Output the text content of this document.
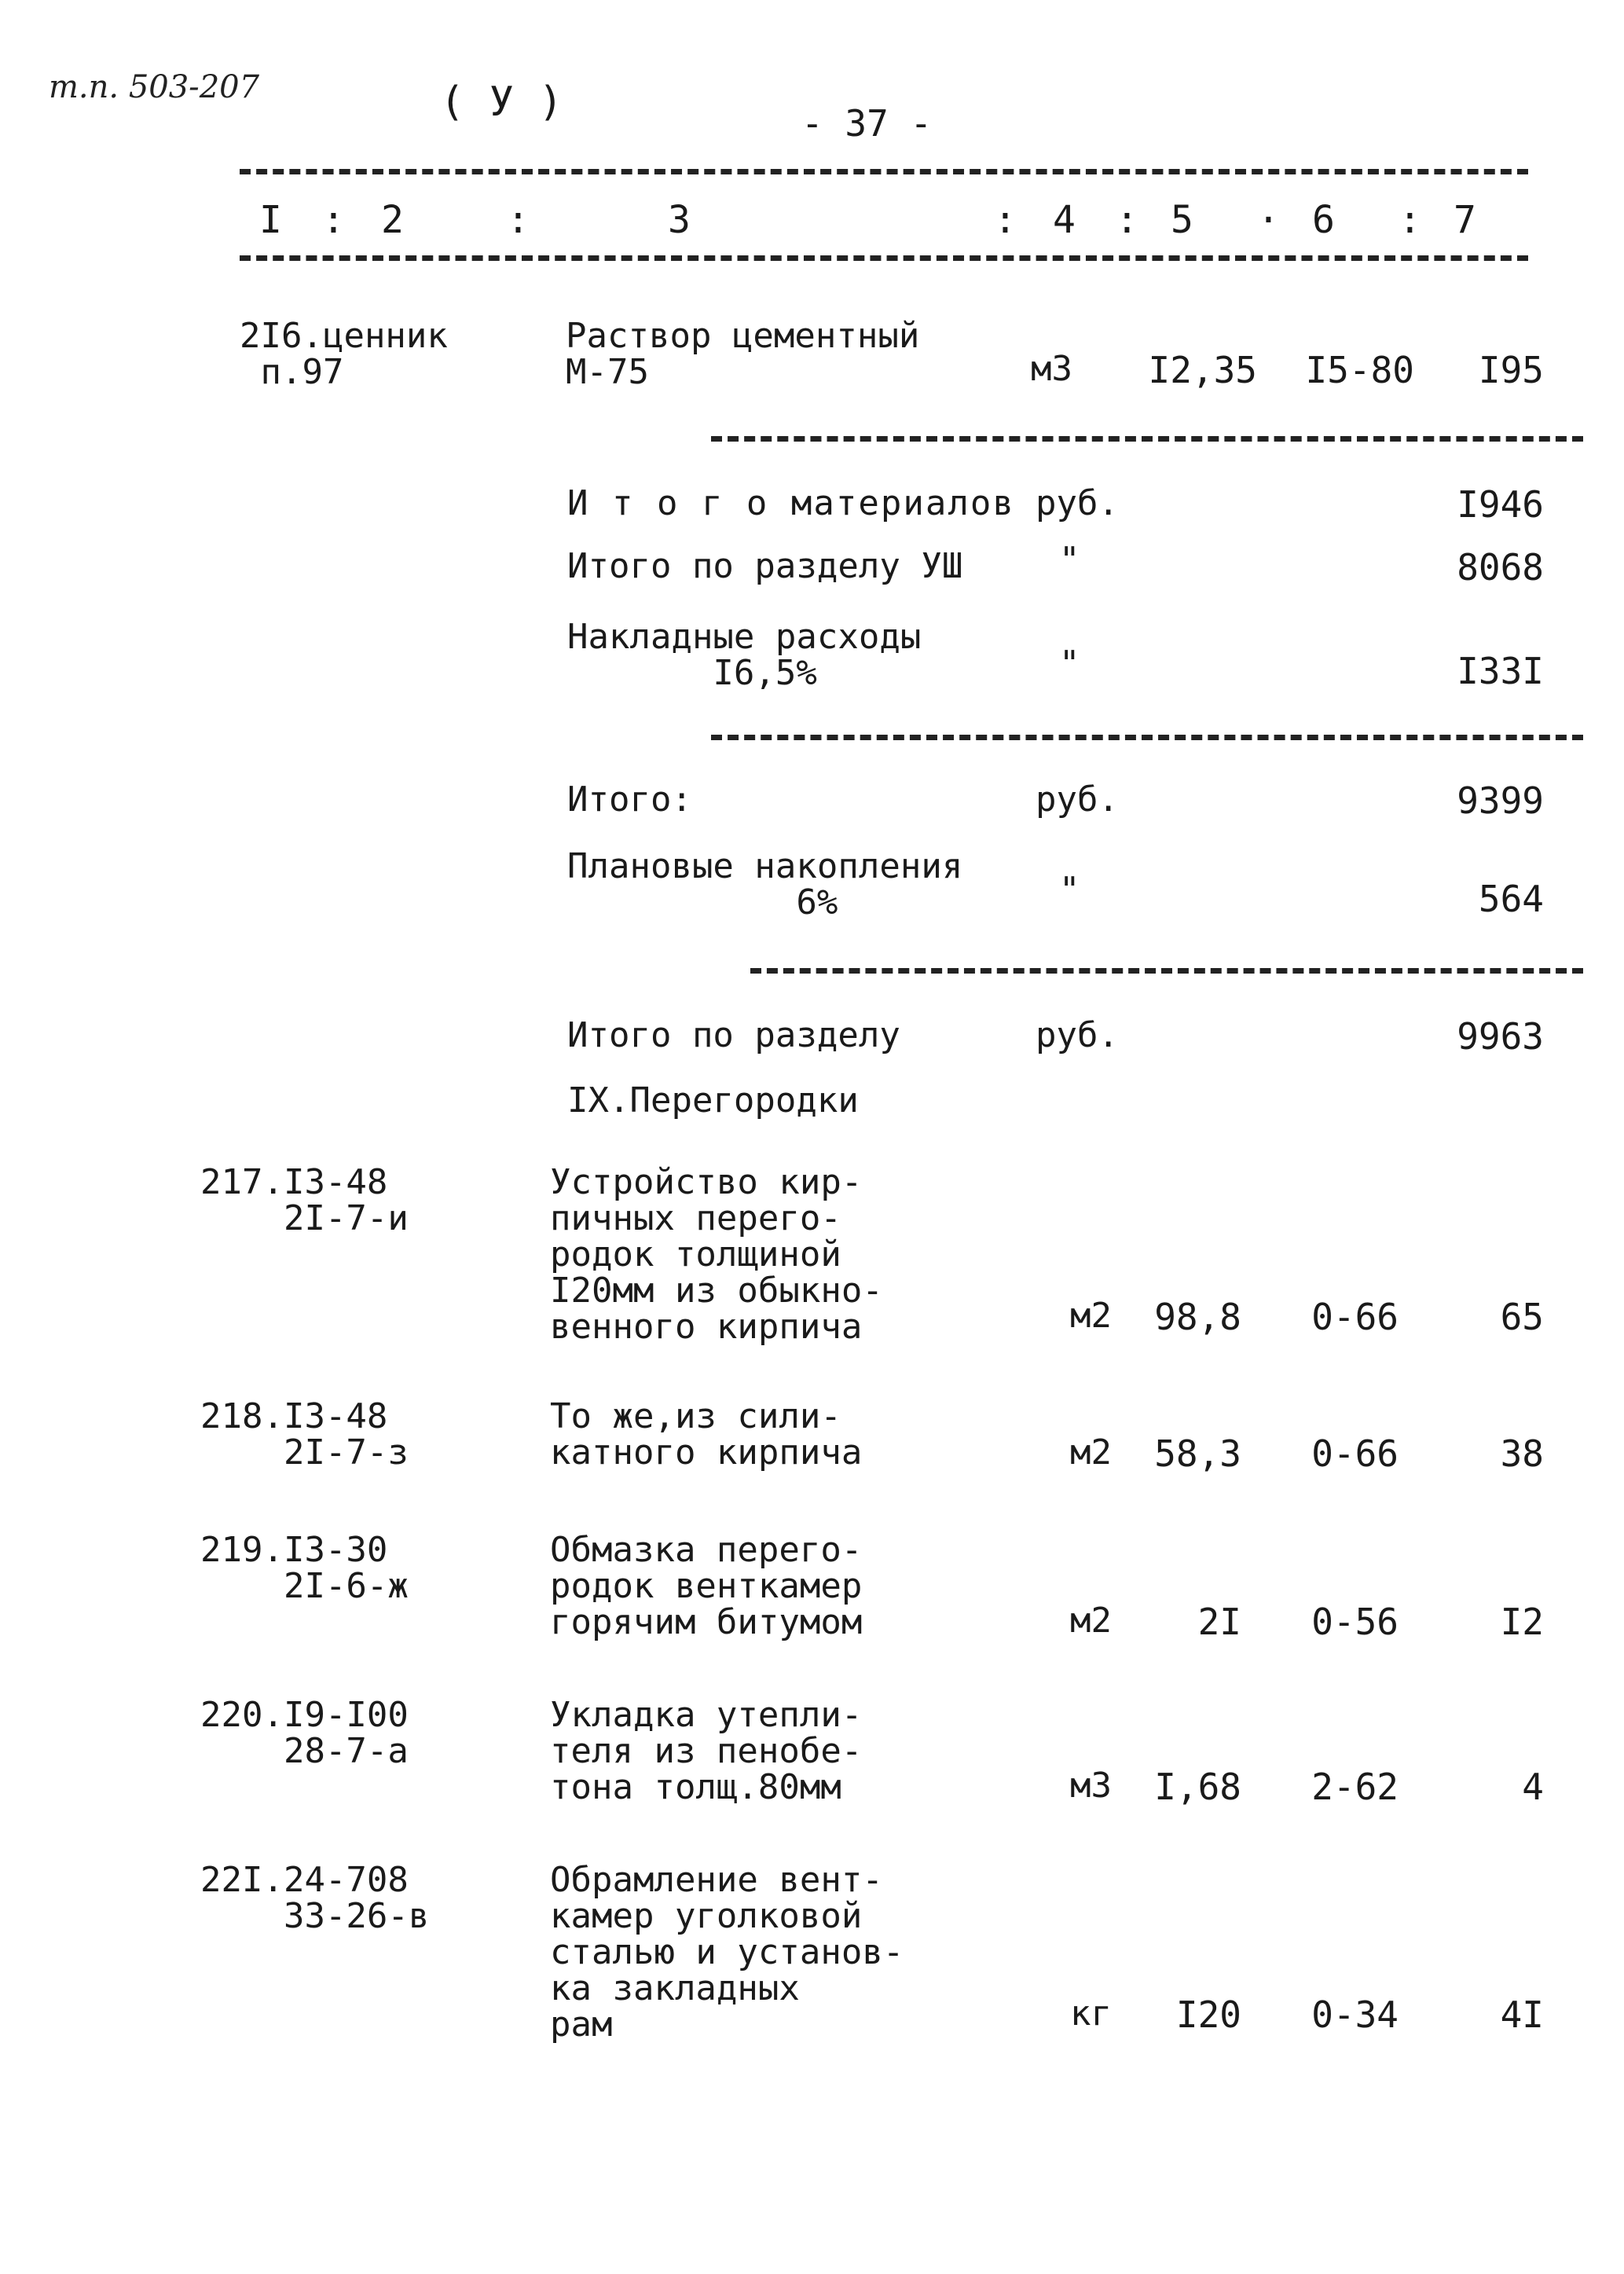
т.п. 503-207	( У )	- 37 -
I : 2	:	3	: 4 : 5 · 6 : 7
2I6.ценник
п.97
Раствор цементный
М-75	м3 I2,35 I5-80	I95
И т о г о материалов руб.	I946
Итого по разделу УШ	"	8068
Накладные расходы
I6,5%	"	I33I
Итого:	руб.	9399
Плановые накопления
6%	"	564
Итого по разделу	руб.	9963
IX.Перегородки
217.I3-48
2I-7-и
Устройство кир-
пичных перего-
родок толщиной
I20мм из обыкно-
венного кирпича	м2	98,8	0-66	65
218.I3-48
2I-7-з
То же,из сили-
катного кирпича	м2	58,3	0-66	38
219.I3-30
2I-6-ж
Обмазка перего-
родок венткамер
горячим битумом	м2	2I	0-56	I2
220.I9-I00
28-7-а
Укладка утепли-
теля из пенобе-
тона толщ.80мм	м3	I,68	2-62	4
22I.24-708
33-26-в
Обрамление вент-
камер уголковой
сталью и установ-
ка закладных
рам	кг	I20	0-34	4I
